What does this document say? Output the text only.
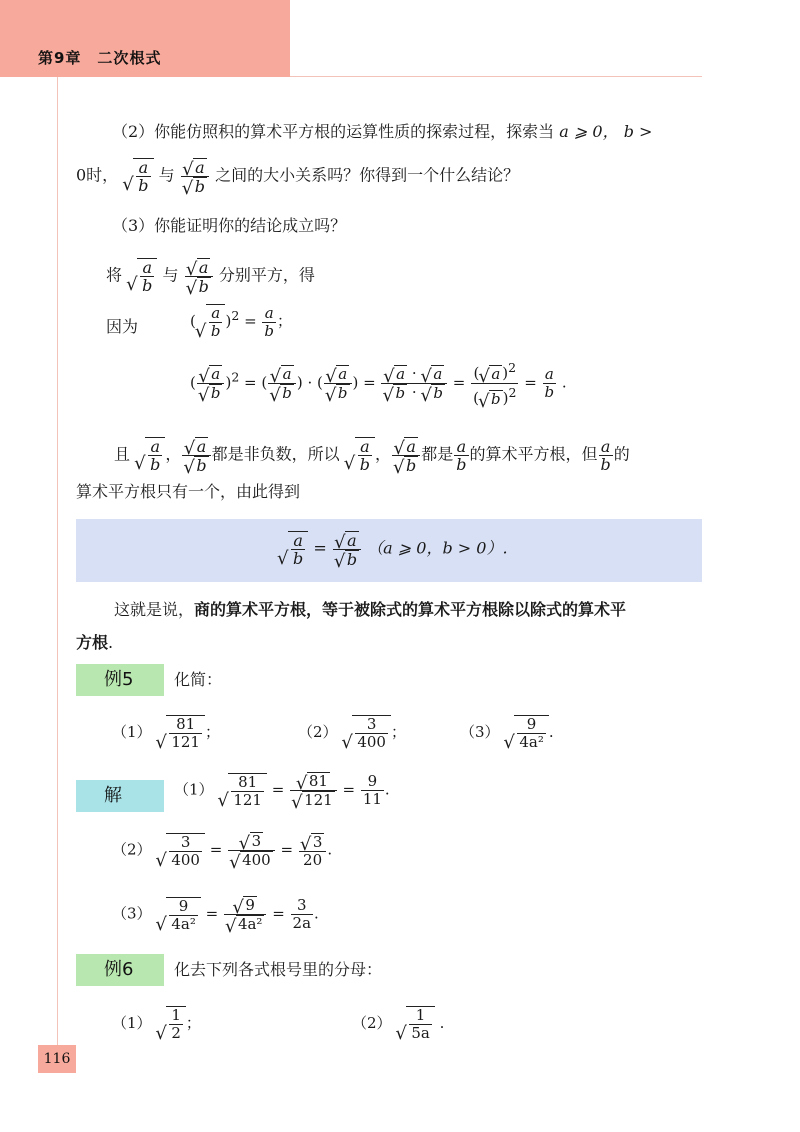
第9章　二次根式
（2）你能仿照积的算术平方根的运算性质的探索过程，探索当 a ⩾ 0， b >
0时， √ $\frac{a}{b}$ 与 √ a
√ b 之间的大小关系吗？你得到一个什么结论？
（3）你能证明你的结论成立吗？
将 √ $\frac{a}{b}$ 与 √ a
√ b 分别平方，得
因为	( √ $\frac{a}{b} )^2 = \frac{a}{b}$ ；
( √ a
√ b )$^2$ = ( √ a
√ b ) · ( √ a
√ b ) = √ a · √ a
√ b · √ $b = \frac{( √ a )^2}{( √ b )^2} = \frac{a}{b}$ .
且 √ $\frac{a}{b}$ ， √ a
√ b 都是非负数，所以 √ $\frac{a}{b}$ ， √ a
√ b 都是 $\frac{a}{b}$ 的算术平方根，但 $\frac{a}{b}$ 的
算术平方根只有一个，由此得到
√ $\frac{a}{b}$ = √ a
√ b （a ⩾ 0，b > 0）.
这就是说，商的算术平方根，等于被除式的算术平方根除以除式的算术平
方根.
例5	化简：
（1） √ $\frac{81}{121}$ ；	（2） √ $\frac{3}{400}$ ；	（3） √ $\frac{9}{\text{4a²}}$ .
解	（1） √ $\frac{81}{121}$ = √ 81
√ $121 = \frac{9}{11}$ .
（2） √ $\frac{3}{400}$ = √ 3
√ 400 = √ $\frac{3}{20}$ .
（3） √ $\frac{9}{\text{4a²}}$ = √ 9
√ $4a^2 = \frac{3}{2a}$ .
例6	化去下列各式根号里的分母：
（1） √ $\frac{1}{2}$ ；	（2） √ $\frac{1}{5a}$ .
116
